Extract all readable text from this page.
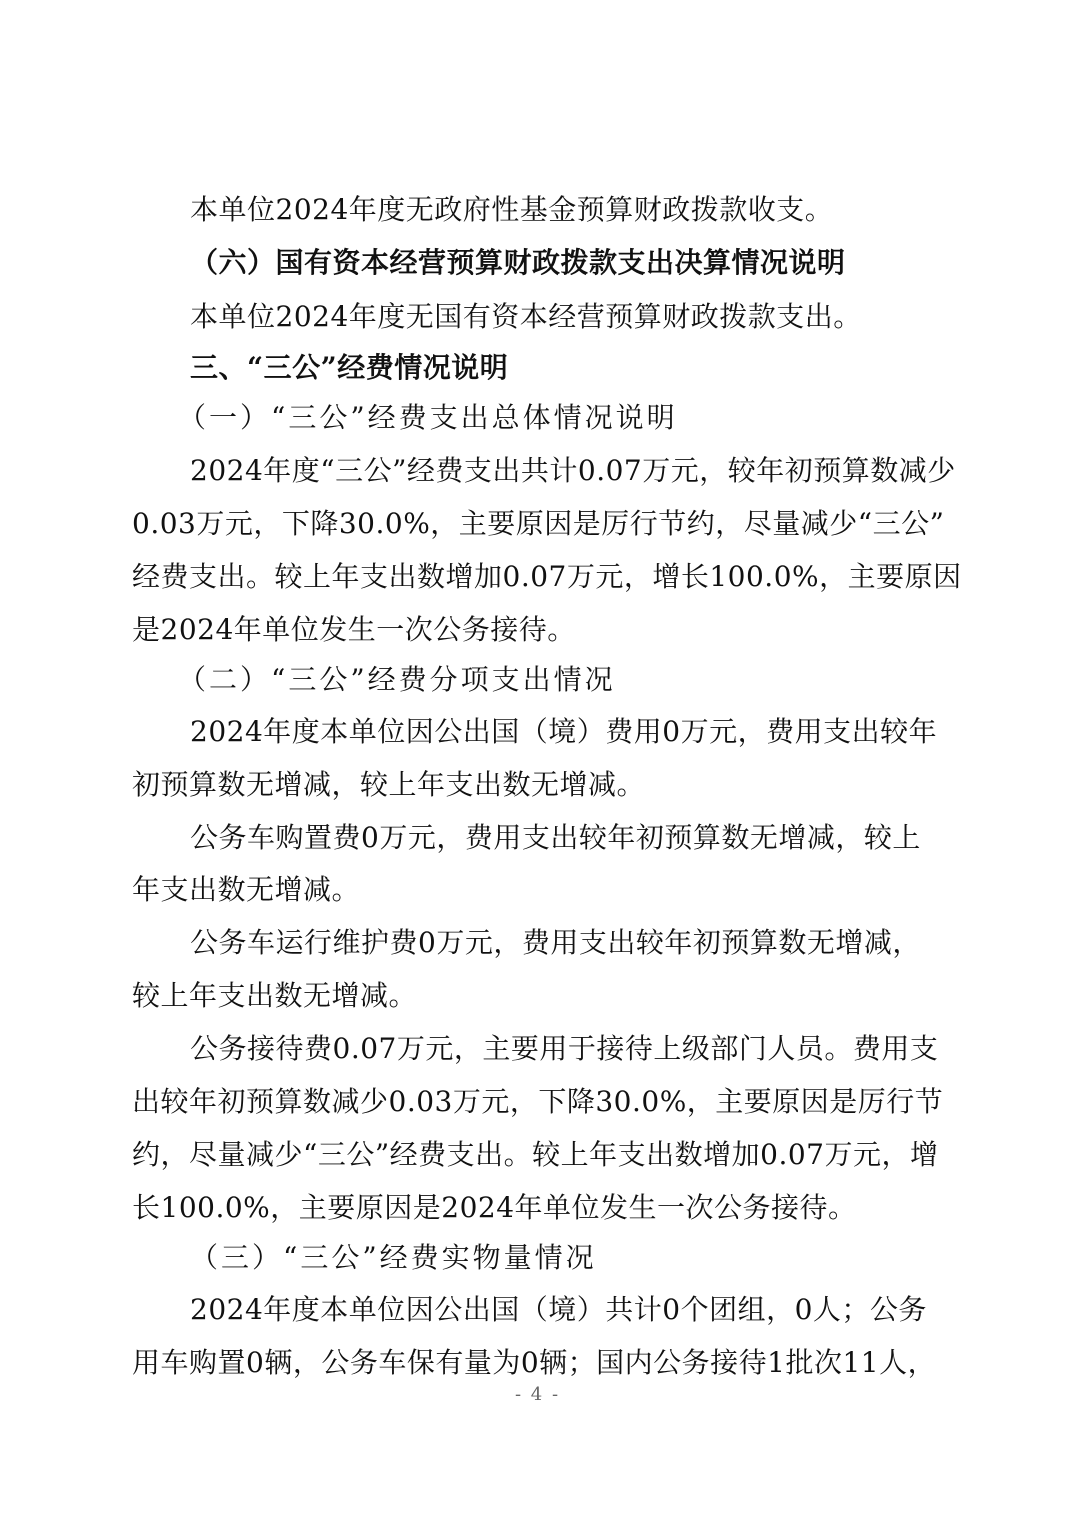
本单位2024年度无政府性基金预算财政拨款收支。
（六）国有资本经营预算财政拨款支出决算情况说明
本单位2024年度无国有资本经营预算财政拨款支出。
三、“三公”经费情况说明
（一）“三公”经费支出总体情况说明
2024年度“三公”经费支出共计0.07万元，较年初预算数减少
0.03万元，下降30.0%，主要原因是厉行节约，尽量减少“三公”
经费支出。较上年支出数增加0.07万元，增长100.0%，主要原因
是2024年单位发生一次公务接待。
（二）“三公”经费分项支出情况
2024年度本单位因公出国（境）费用0万元，费用支出较年
初预算数无增减，较上年支出数无增减。
公务车购置费0万元，费用支出较年初预算数无增减，较上
年支出数无增减。
公务车运行维护费0万元，费用支出较年初预算数无增减，
较上年支出数无增减。
公务接待费0.07万元，主要用于接待上级部门人员。费用支
出较年初预算数减少0.03万元，下降30.0%，主要原因是厉行节
约，尽量减少“三公”经费支出。较上年支出数增加0.07万元，增
长100.0%，主要原因是2024年单位发生一次公务接待。
（三）“三公”经费实物量情况
2024年度本单位因公出国（境）共计0个团组，0人；公务
用车购置0辆，公务车保有量为0辆；国内公务接待1批次11人，
- 4 -
